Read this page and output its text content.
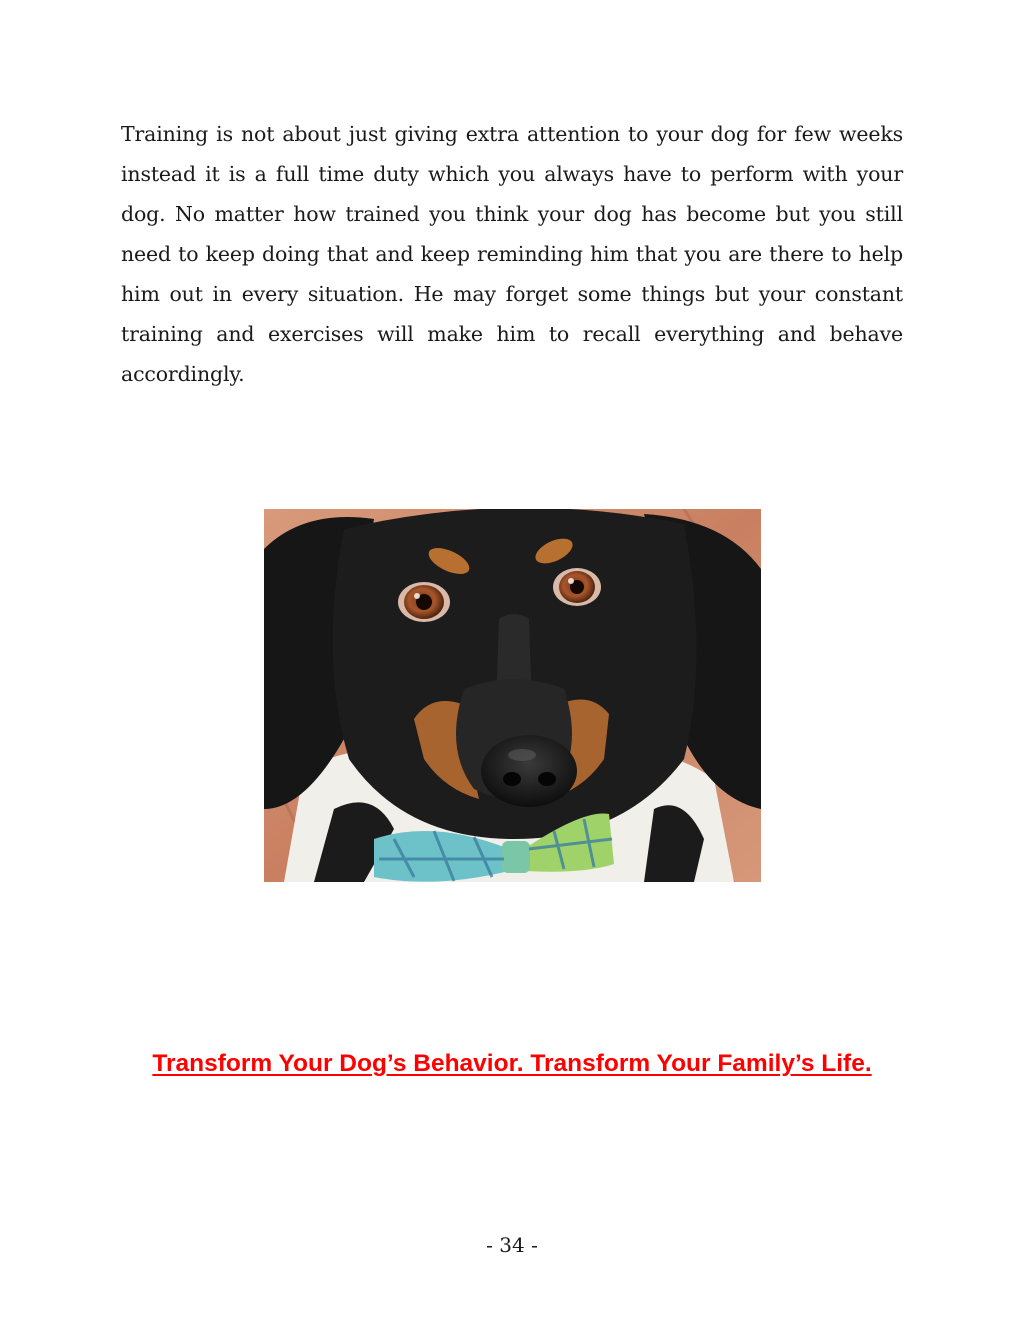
Training is not about just giving extra attention to your dog for few weeks instead it is a full time duty which you always have to perform with your dog. No matter how trained you think your dog has become but you still need to keep doing that and keep reminding him that you are there to help him out in every situation. He may forget some things but your constant training and exercises will make him to recall everything and behave accordingly.

Transform Your Dog’s Behavior. Transform Your Family’s Life.
- 34 -
